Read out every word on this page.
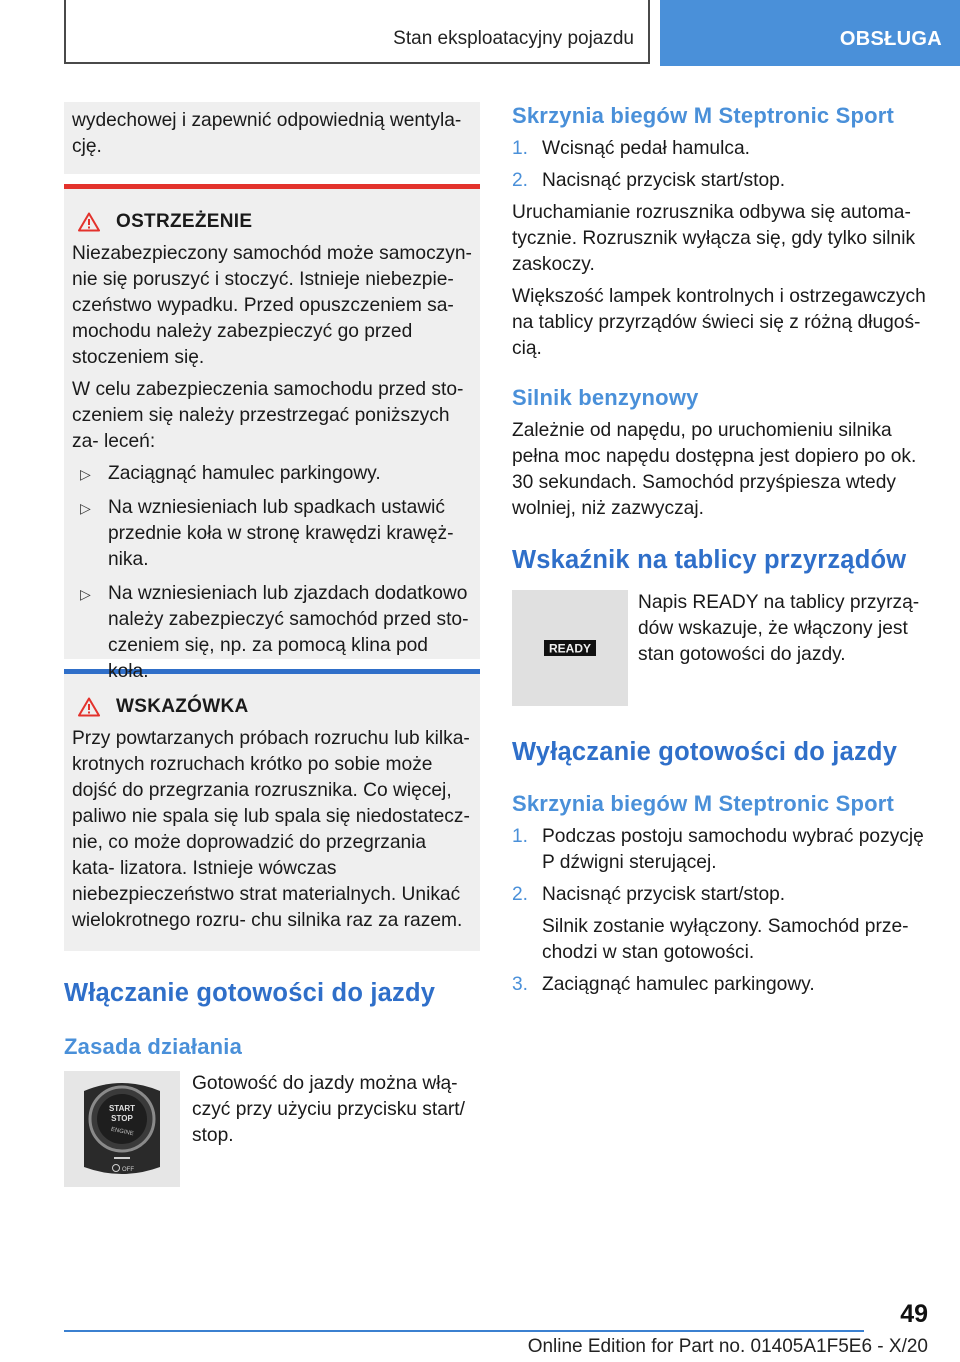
Stan eksploatacyjny pojazdu	OBSŁUGA

wydechowej i zapewnić odpowiednią wentyla- cję.

OSTRZEŻENIE

Niezabezpieczony samochód może samoczyn- nie się poruszyć i stoczyć. Istnieje niebezpie- czeństwo wypadku. Przed opuszczeniem sa- mochodu należy zabezpieczyć go przed stoczeniem się.

W celu zabezpieczenia samochodu przed sto- czeniem się należy przestrzegać poniższych za- leceń:

▷ Zaciągnąć hamulec parkingowy.
▷ Na wzniesieniach lub spadkach ustawić przednie koła w stronę krawędzi krawęż- nika.
▷ Na wzniesieniach lub zjazdach dodatkowo należy zabezpieczyć samochód przed sto- czeniem się, np. za pomocą klina pod koła.
WSKAZÓWKA

Przy powtarzanych próbach rozruchu lub kilka- krotnych rozruchach krótko po sobie może dojść do przegrzania rozrusznika. Co więcej, paliwo nie spala się lub spala się niedostatecz- nie, co może doprowadzić do przegrzania kata- lizatora. Istnieje wówczas niebezpieczeństwo strat materialnych. Unikać wielokrotnego rozru- chu silnika raz za razem.

Włączanie gotowości do jazdy
Zasada działania
START
STOP
ENGINE
OFF
Gotowość do jazdy można włą- czyć przy użyciu przycisku start/ stop.
Skrzynia biegów M Steptronic Sport
1. Wcisnąć pedał hamulca.
2. Nacisnąć przycisk start/stop.

Uruchamianie rozrusznika odbywa się automa- tycznie. Rozrusznik wyłącza się, gdy tylko silnik zaskoczy.

Większość lampek kontrolnych i ostrzegawczych na tablicy przyrządów świeci się z różną długoś- cią.

Silnik benzynowy

Zależnie od napędu, po uruchomieniu silnika pełna moc napędu dostępna jest dopiero po ok. 30 sekundach. Samochód przyśpiesza wtedy wolniej, niż zazwyczaj.

Wskaźnik na tablicy przyrządów
READY
Napis READY na tablicy przyrzą- dów wskazuje, że włączony jest stan gotowości do jazdy.
Wyłączanie gotowości do jazdy
Skrzynia biegów M Steptronic Sport
1. Podczas postoju samochodu wybrać pozycję P dźwigni sterującej.
2. Nacisnąć przycisk start/stop.
Silnik zostanie wyłączony. Samochód prze- chodzi w stan gotowości.
3. Zaciągnąć hamulec parkingowy.
49
Online Edition for Part no. 01405A1F5E6 - X/20
